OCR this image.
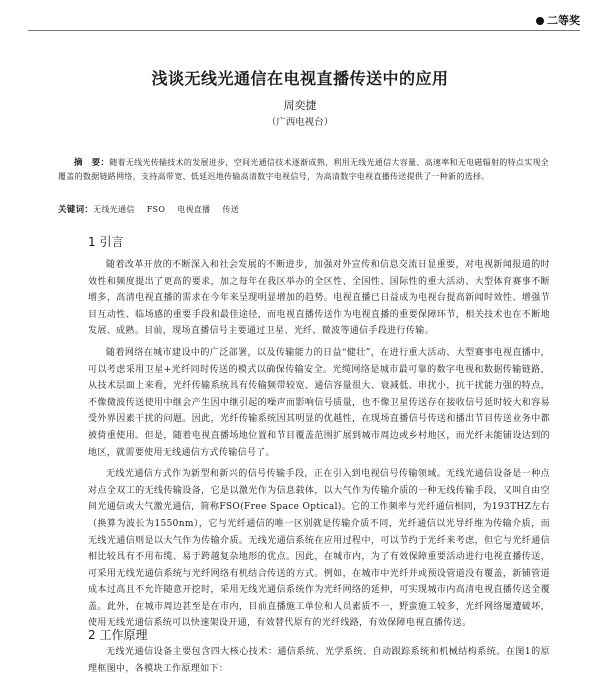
二等奖
浅谈无线光通信在电视直播传送中的应用
周奕捷
（广西电视台）
摘　要：随着无线光传输技术的发展进步，空间光通信技术逐渐成熟，利用无线光通信大容量、高速率和无电磁辐射的特点实现全覆盖的数据链路网络，支持高带宽、低延迟地传输高清数字电视信号，为高清数字电视直播传送提供了一种新的选择。
关键词：无线光通信 FSO 电视直播 传送
1 引言

随着改革开放的不断深入和社会发展的不断进步，加强对外宣传和信息交流日显重要，对电视新闻报道的时效性和频度提出了更高的要求，加之每年在我区举办的全区性、全国性、国际性的重大活动、大型体育赛事不断增多，高清电视直播的需求在今年来呈现明显增加的趋势。电视直播已日益成为电视台提高新闻时效性、增强节目互动性、临场感的重要手段和最佳途径，而电视直播传送作为电视直播的重要保障环节，相关技术也在不断地发展、成熟。目前，现场直播信号主要通过卫星、光纤、微波等通信手段进行传输。

随着网络在城市建设中的广泛部署，以及传输能力的日益“健壮”，在进行重大活动、大型赛事电视直播中，可以考虑采用卫星+光纤同时传送的模式以确保传输安全。光缆网络是城市最可靠的数字电视和数据传输链路，从技术层面上来看，光纤传输系统具有传输频带较宽、通信容量很大、衰减低、串扰小，抗干扰能力强的特点，不像微波传送使用中继会产生因中继引起的噪声而影响信号质量，也不像卫星传送存在接收信号延时较大和容易受外界因素干扰的问题。因此，光纤传输系统因其明显的优越性，在现场直播信号传送和播出节目传送业务中都被倚重使用。但是，随着电视直播场地位置和节目覆盖范围扩展到城市周边或乡村地区，而光纤未能铺设达到的地区，就需要使用无线通信方式传输信号了。

无线光通信方式作为新型和新兴的信号传输手段，正在引入到电视信号传输领域。无线光通信设备是一种点对点全双工的无线传输设备，它是以激光作为信息载体，以大气作为传输介质的一种无线传输手段，又叫自由空间光通信或大气激光通信，简称FSO(Free Space Optical)。它的工作频率与光纤通信相同，为193THZ左右（换算为波长为1550nm），它与光纤通信的唯一区别就是传输介质不同，光纤通信以光导纤维为传输介质，而无线光通信则是以大气作为传输介质。无线光通信系统在应用过程中，可以节约于光纤来考虑，但它与光纤通信相比较具有不用布缆、易于跨越复杂地形的优点。因此，在城市内，为了有效保障重要活动进行电视直播传送，可采用无线光通信系统与光纤网络有机结合传送的方式。例如，在城市中光纤并或预设管道没有覆盖，新铺管道成本过高且不允许随意开挖时，采用无线光通信系统作为光纤网络的延伸，可实现城市内高清电视直播传送全覆盖。此外，在城市周边甚至是在市内，目前直播施工单位和人员素质不一，野蛮施工较多，光纤网络屡遭破坏，使用无线光通信系统可以快速架设开通，有效替代原有的光纤线路，有效保障电视直播传送。

2 工作原理

无线光通信设备主要包含四大核心技术：通信系统、光学系统、自动跟踪系统和机械结构系统。在图1的原理框图中，各模块工作原理如下：
